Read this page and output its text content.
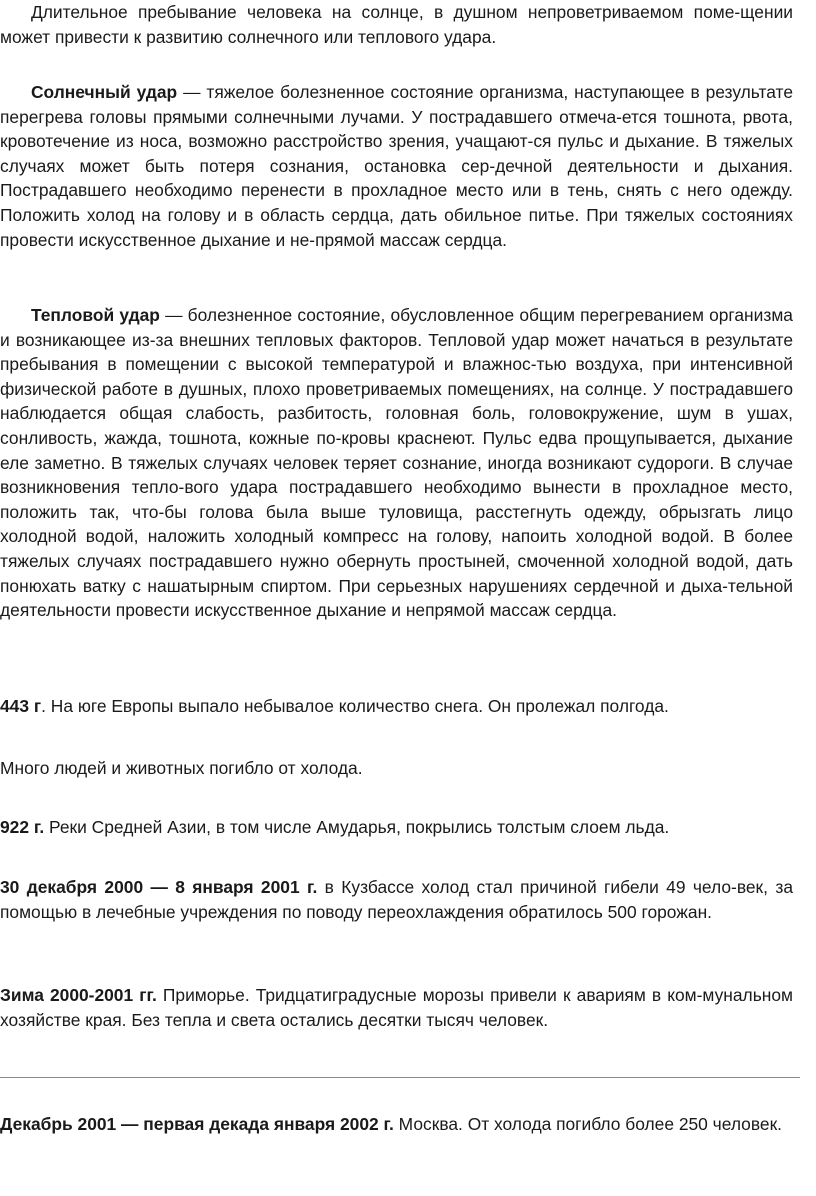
Длительное пребывание человека на солнце, в душном непроветриваемом поме-щении может привести к развитию солнечного или теплового удара.

Солнечный удар — тяжелое болезненное состояние организма, наступающее в результате перегрева головы прямыми солнечными лучами. У пострадавшего отмеча-ется тошнота, рвота, кровотечение из носа, возможно расстройство зрения, учащают-ся пульс и дыхание. В тяжелых случаях может быть потеря сознания, остановка сер-дечной деятельности и дыхания. Пострадавшего необходимо перенести в прохладное место или в тень, снять с него одежду. Положить холод на голову и в область сердца, дать обильное питье. При тяжелых состояниях провести искусственное дыхание и не-прямой массаж сердца.

Тепловой удар — болезненное состояние, обусловленное общим перегреванием организма и возникающее из-за внешних тепловых факторов. Тепловой удар может начаться в результате пребывания в помещении с высокой температурой и влажнос-тью воздуха, при интенсивной физической работе в душных, плохо проветриваемых помещениях, на солнце. У пострадавшего наблюдается общая слабость, разбитость, головная боль, головокружение, шум в ушах, сонливость, жажда, тошнота, кожные по-кровы краснеют. Пульс едва прощупывается, дыхание еле заметно. В тяжелых случаях человек теряет сознание, иногда возникают судороги. В случае возникновения тепло-вого удара пострадавшего необходимо вынести в прохладное место, положить так, что-бы голова была выше туловища, расстегнуть одежду, обрызгать лицо холодной водой, наложить холодный компресс на голову, напоить холодной водой. В более тяжелых случаях пострадавшего нужно обернуть простыней, смоченной холодной водой, дать понюхать ватку с нашатырным спиртом. При серьезных нарушениях сердечной и дыха-тельной деятельности провести искусственное дыхание и непрямой массаж сердца.

443 г. На юге Европы выпало небывалое количество снега. Он пролежал полгода.

Много людей и животных погибло от холода.

922 г. Реки Средней Азии, в том числе Амударья, покрылись толстым слоем льда.

30 декабря 2000 — 8 января 2001 г. в Кузбассе холод стал причиной гибели 49 чело-век, за помощью в лечебные учреждения по поводу переохлаждения обратилось 500 горожан.

Зима 2000-2001 гг. Приморье. Тридцатиградусные морозы привели к авариям в ком-мунальном хозяйстве края. Без тепла и света остались десятки тысяч человек.

Декабрь 2001 — первая декада января 2002 г. Москва. От холода погибло более 250 человек.
